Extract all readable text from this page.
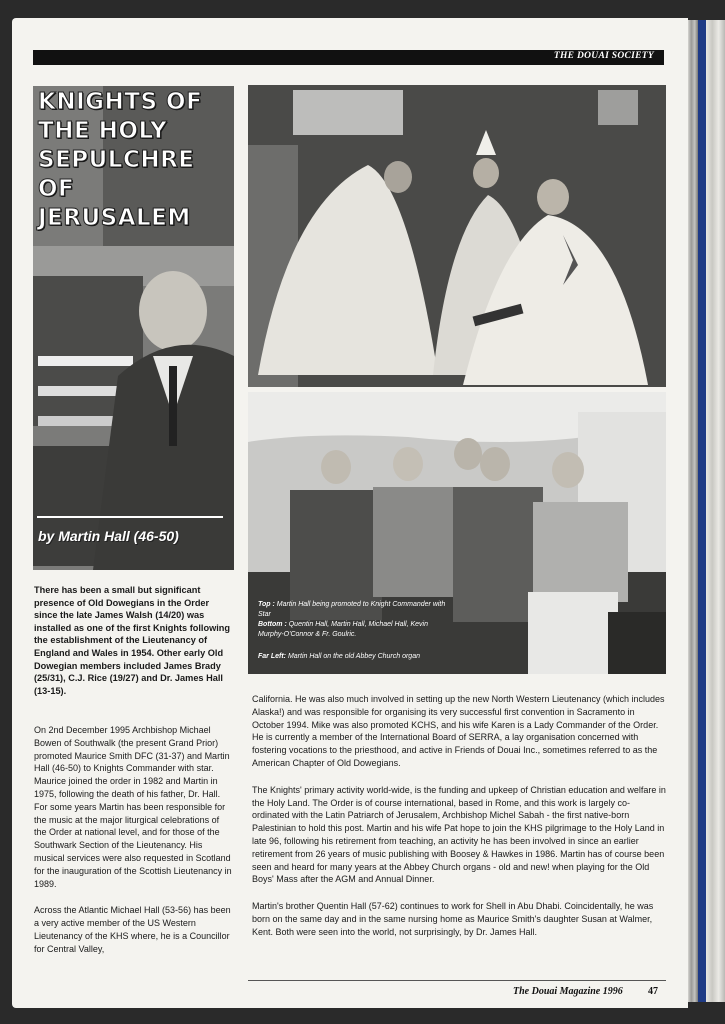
THE DOUAI SOCIETY
KNIGHTS OF
THE HOLY
SEPULCHRE
OF
JERUSALEM
by Martin Hall (46-50)
Top : Martin Hall being promoted to Knight Commander with Star
Bottom : Quentin Hall, Martin Hall, Michael Hall, Kevin Murphy-O'Connor & Fr. Goulric.
Far Left: Martin Hall on the old Abbey Church organ
There has been a small but significant presence of Old Dowegians in the Order since the late James Walsh (14/20) was installed as one of the first Knights following the establishment of the Lieutenancy of England and Wales in 1954. Other early Old Dowegian members included James Brady (25/31), C.J. Rice (19/27) and Dr. James Hall (13-15).

On 2nd December 1995 Archbishop Michael Bowen of Southwalk (the present Grand Prior) promoted Maurice Smith DFC (31-37) and Martin Hall (46-50) to Knights Commander with star. Maurice joined the order in 1982 and Martin in 1975, following the death of his father, Dr. Hall. For some years Martin has been responsible for the music at the major liturgical celebrations of the Order at national level, and for those of the Southwark Section of the Lieutenancy. His musical services were also requested in Scotland for the inauguration of the Scottish Lieutenancy in 1989.

Across the Atlantic Michael Hall (53-56) has been a very active member of the US Western Lieutenancy of the KHS where, he is a Councillor for Central Valley,

California. He was also much involved in setting up the new North Western Lieutenancy (which includes Alaska!) and was responsible for organising its very successful first convention in Sacramento in October 1994. Mike was also promoted KCHS, and his wife Karen is a Lady Commander of the Order. He is currently a member of the International Board of SERRA, a lay organisation concerned with fostering vocations to the priesthood, and active in Friends of Douai Inc., sometimes referred to as the American Chapter of Old Dowegians.

The Knights' primary activity world-wide, is the funding and upkeep of Christian education and welfare in the Holy Land. The Order is of course international, based in Rome, and this work is largely co-ordinated with the Latin Patriarch of Jerusalem, Archbishop Michel Sabah - the first native-born Palestinian to hold this post. Martin and his wife Pat hope to join the KHS pilgrimage to the Holy Land in late 96, following his retirement from teaching, an activity he has been involved in since an earlier retirement from 26 years of music publishing with Boosey & Hawkes in 1986. Martin has of course been seen and heard for many years at the Abbey Church organs - old and new! when playing for the Old Boys' Mass after the AGM and Annual Dinner.

Martin's brother Quentin Hall (57-62) continues to work for Shell in Abu Dhabi. Coincidentally, he was born on the same day and in the same nursing home as Maurice Smith's daughter Susan at Walmer, Kent. Both were seen into the world, not surprisingly, by Dr. James Hall.

The Douai Magazine 1996	47
